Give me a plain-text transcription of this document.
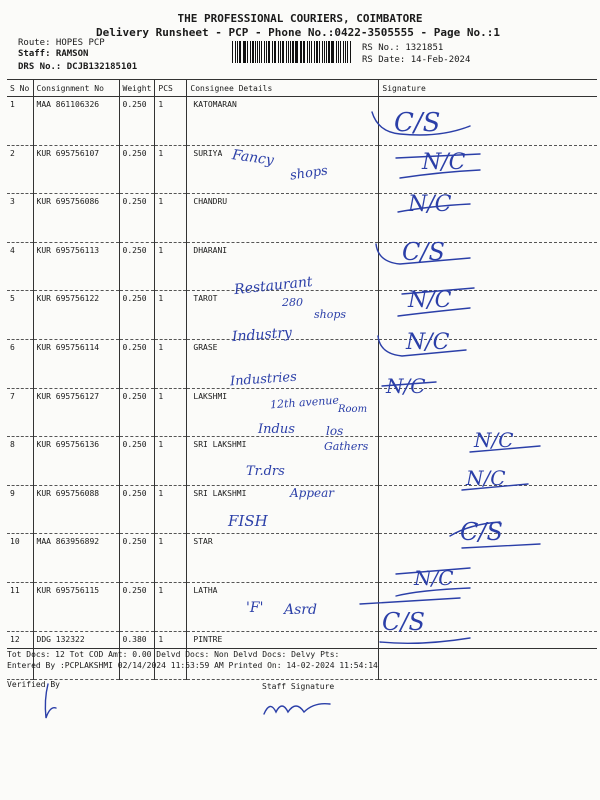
THE PROFESSIONAL COURIERS, COIMBATORE
Delivery Runsheet - PCP - Phone No.:0422-3505555 - Page No.:1
Route: HOPES PCP
Staff: RAMSON
DRS No.: DCJB132185101
RS No.: 1321851
RS Date: 14-Feb-2024
S No	Consignment No	Weight	PCS	Consignee Details	Signature
1	MAA 861106326	0.250	1	KATOMARAN	
2	KUR 695756107	0.250	1	SURIYA	
3	KUR 695756086	0.250	1	CHANDRU	
4	KUR 695756113	0.250	1	DHARANI	
5	KUR 695756122	0.250	1	TAROT	
6	KUR 695756114	0.250	1	GRASE	
7	KUR 695756127	0.250	1	LAKSHMI	
8	KUR 695756136	0.250	1	SRI LAKSHMI	
9	KUR 695756088	0.250	1	SRI LAKSHMI	
10	MAA 863956892	0.250	1	STAR	
11	KUR 695756115	0.250	1	LATHA	
12	DDG 132322	0.380	1	PINTRE	
C/S
N/C
Fancy
shops
N/C
C/S
Restaurant
280
shops
N/C
Industry	N/C
Industries
12th avenue
Room
N/C
Indus	los
Gathers	N/C
Tr.drs
Appear
N/C
FISH	C/S
N/C
'F' Asrd	C/S
Tot Docs: 12 Tot COD Amt: 0.00 Delvd Docs: Non Delvd Docs: Delvy Pts:
Entered By :PCPLAKSHMI 02/14/2024 11:53:59 AM Printed On: 14-02-2024 11:54:14
Verified By	Staff Signature
